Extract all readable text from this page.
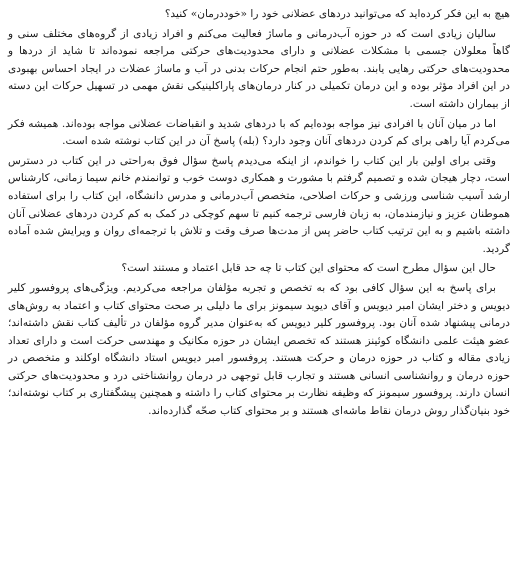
هیچ به این فکر کرده‌اید که می‌توانید دردهای عضلانی خود را «خوددرمان» کنید؟

سالیان زیادی است که در حوزه آب‌درمانی و ماساژ فعالیت می‌کنم و افراد زیادی از گروه‌های مختلف سنی و گاهاً معلولان جسمی با مشکلات عضلانی و دارای محدودیت‌های حرکتی مراجعه نموده‌اند تا شاید از دردها و محدودیت‌های حرکتی رهایی یابند. به‌طور حتم انجام حرکات بدنی در آب و ماساژ عضلات در ایجاد احساس بهبودی در این افراد مؤثر بوده و این درمان تکمیلی در کنار درمان‌های پاراکلینیکی نقش مهمی در تسهیل حرکات این دسته از بیماران داشته است.

اما در میان آنان با افرادی نیز مواجه بوده‌ایم که با دردهای شدید و انقباضات عضلانی مواجه بوده‌اند. همیشه فکر می‌کردم آیا راهی برای کم کردن دردهای آنان وجود دارد؟ (بله) پاسخ آن در این کتاب نوشته شده است.

وقتی برای اولین بار این کتاب را خواندم، از اینکه می‌دیدم پاسخ سؤال فوق به‌راحتی در این کتاب در دسترس است، دچار هیجان شده و تصمیم گرفتم با مشورت و همکاری دوست خوب و توانمندم خانم سیما زمانی، کارشناس ارشد آسیب شناسی ورزشی و حرکات اصلاحی، متخصص آب‌درمانی و مدرس دانشگاه، این کتاب را برای استفاده هموطنان عزیز و نیازمندمان، به زبان فارسی ترجمه کنیم تا سهم کوچکی در کمک به کم کردن دردهای عضلانی آنان داشته باشیم و به این ترتیب کتاب حاضر پس از مدت‌ها صرف وقت و تلاش با ترجمه‌ای روان و ویرایش شده آماده گردید.

حال این سؤال مطرح است که محتوای این کتاب تا چه حد قابل اعتماد و مستند است؟

برای پاسخ به این سؤال کافی بود که به تخصص و تجربه مؤلفان مراجعه می‌کردیم. ویژگی‌های پروفسور کلیر دیویس و دختر ایشان امبر دیویس و آقای دیوید سیمونز برای ما دلیلی بر صحت محتوای کتاب و اعتماد به روش‌های درمانی پیشنهاد شده آنان بود. پروفسور کلیر دیویس که به‌عنوان مدیر گروه مؤلفان در تألیف کتاب نقش داشته‌اند؛ عضو هیئت علمی دانشگاه کوئینز هستند که تخصص ایشان در حوزه مکانیک و مهندسی حرکت است و دارای تعداد زیادی مقاله و کتاب در حوزه درمان و حرکت هستند. پروفسور امبر دیویس استاد دانشگاه اوکلند و متخصص در حوزه درمان و روانشناسی انسانی هستند و تجارب قابل توجهی در درمان روانشناختی درد و محدودیت‌های حرکتی انسان دارند. پروفسور سیمونز که وظیفه نظارت بر محتوای کتاب را داشته و همچنین پیشگفتاری بر کتاب نوشته‌اند؛ خود بنیان‌گذار روش درمان نقاط ماشه‌ای هستند و بر محتوای کتاب صحّه گذارده‌اند.
